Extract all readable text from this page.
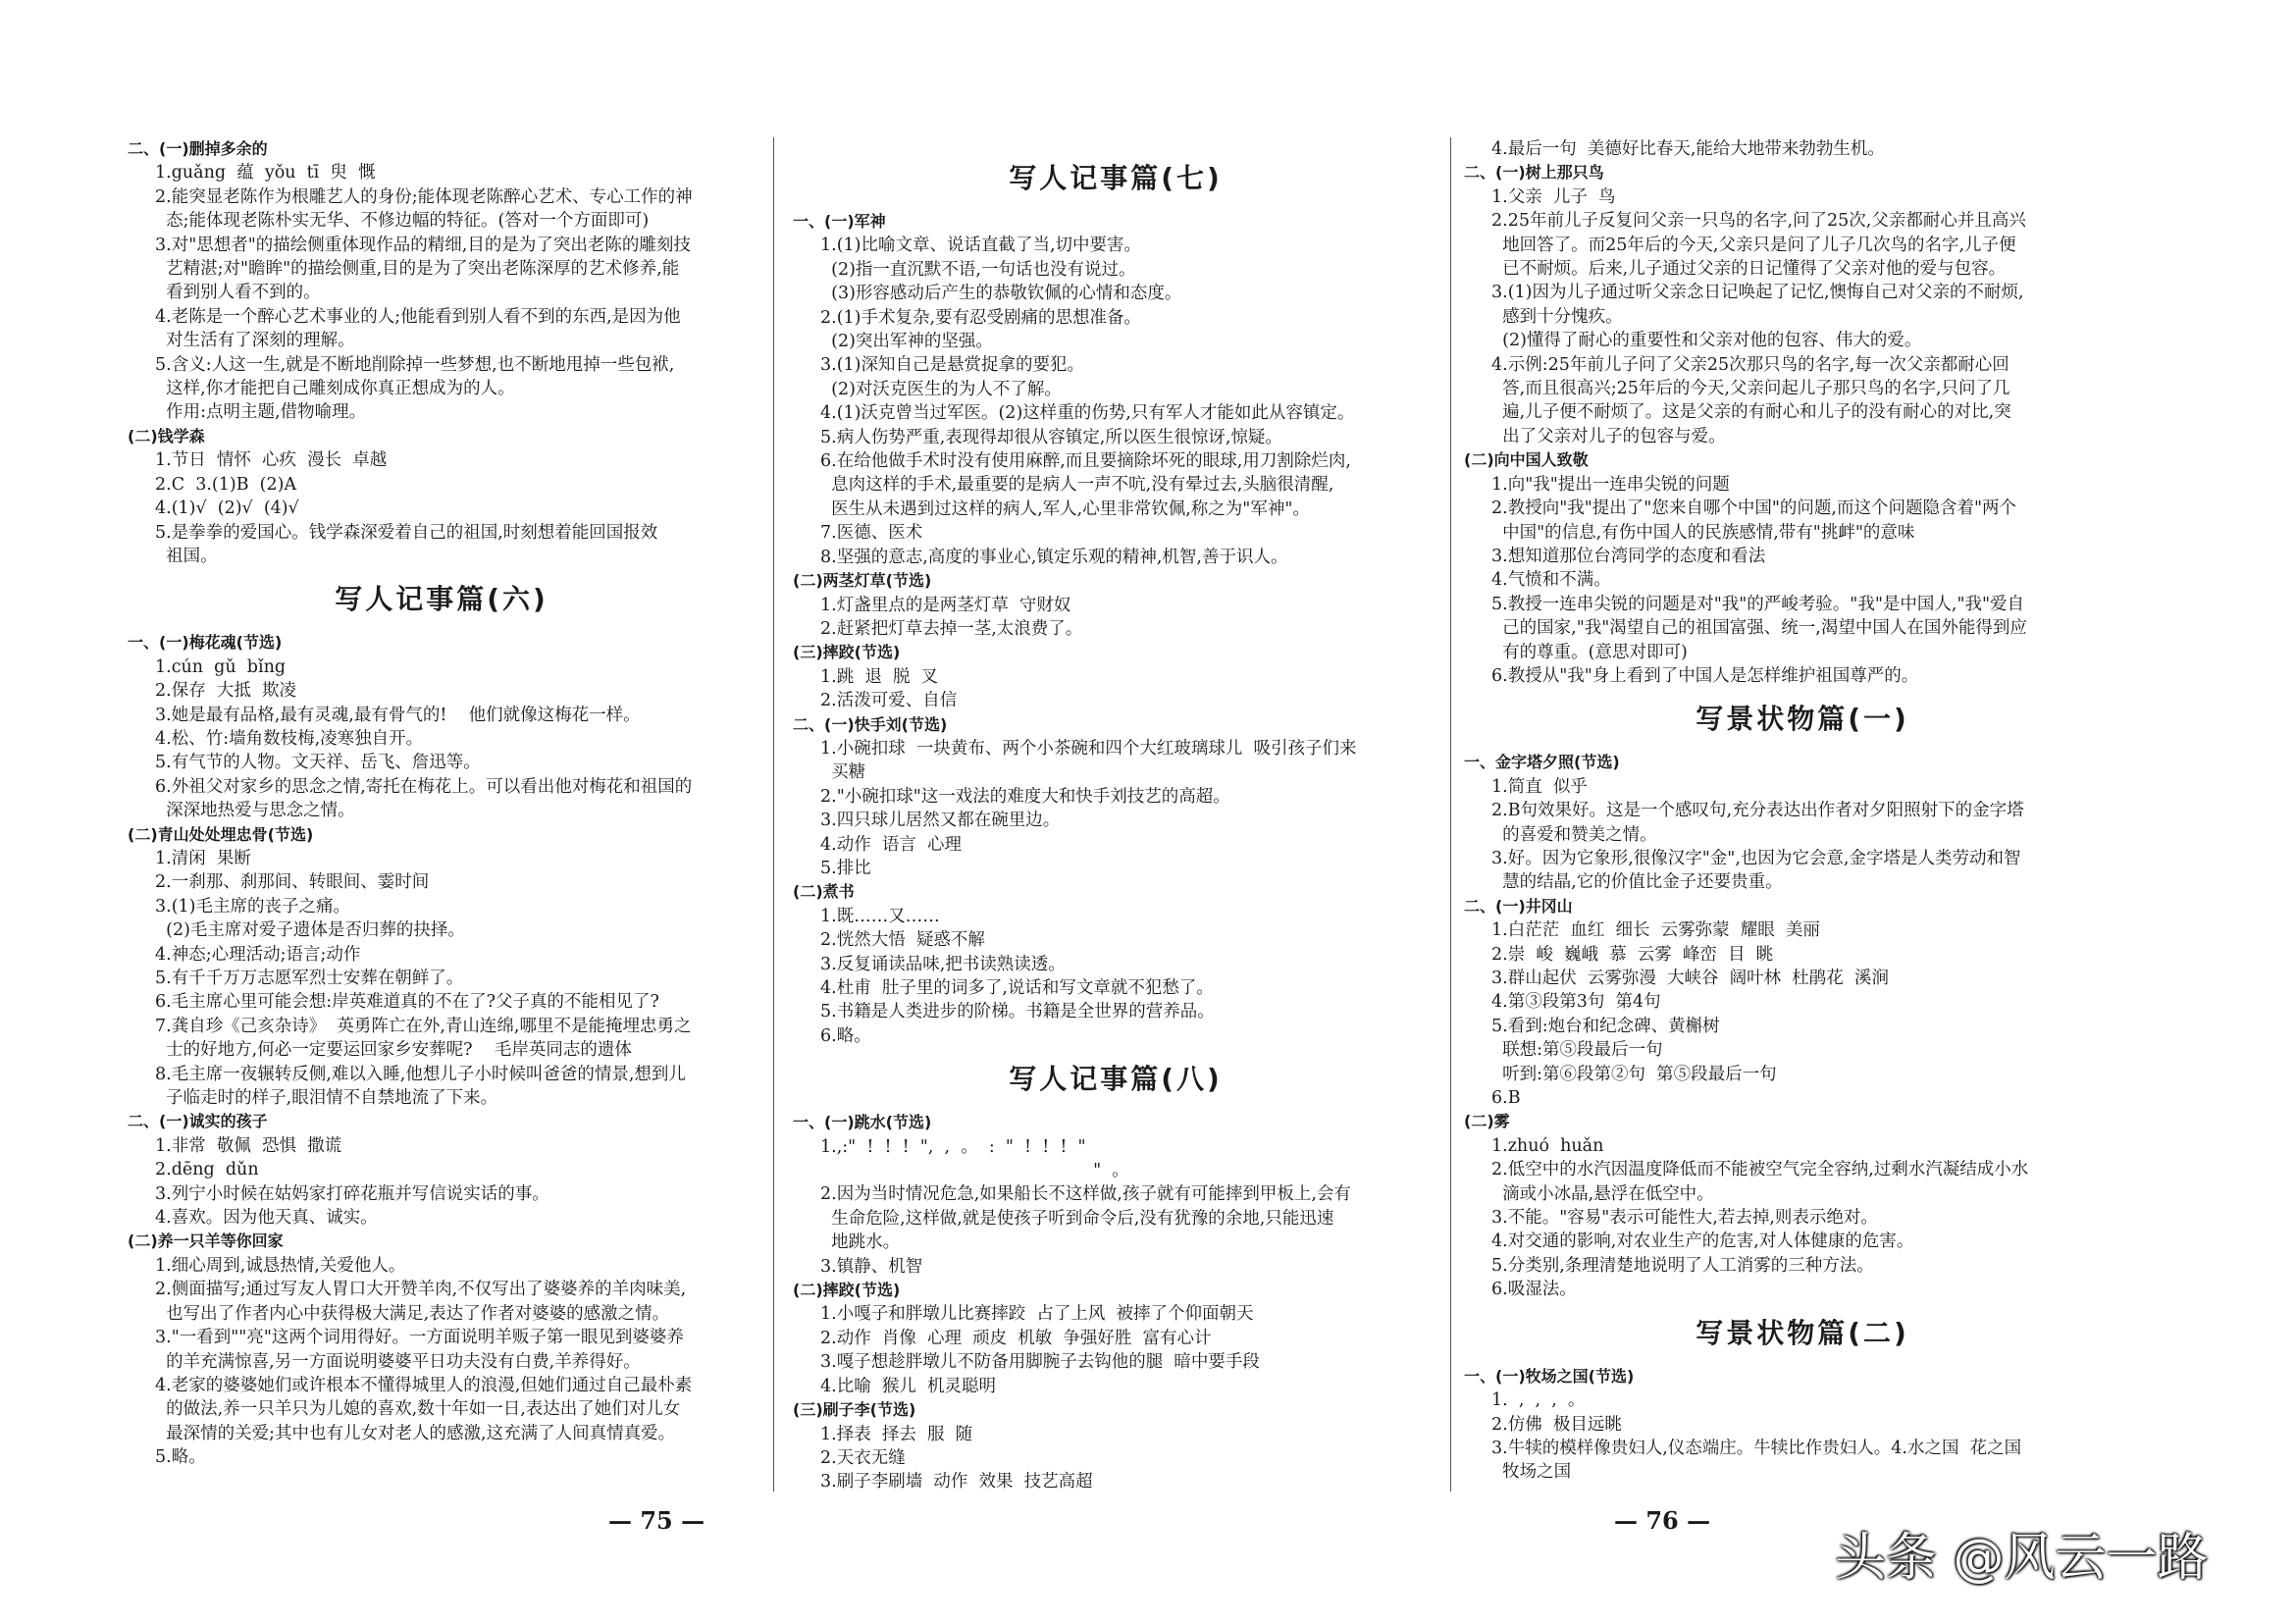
二、(一)删掉多余的
1.guǎng  蕴  yǒu  tī  臾  慨
2.能突显老陈作为根雕艺人的身份;能体现老陈醉心艺术、专心工作的神
态;能体现老陈朴实无华、不修边幅的特征。(答对一个方面即可)
3.对"思想者"的描绘侧重体现作品的精细,目的是为了突出老陈的雕刻技
艺精湛;对"瞻眸"的描绘侧重,目的是为了突出老陈深厚的艺术修养,能
看到别人看不到的。
4.老陈是一个醉心艺术事业的人;他能看到别人看不到的东西,是因为他
对生活有了深刻的理解。
5.含义:人这一生,就是不断地削除掉一些梦想,也不断地甩掉一些包袱,
这样,你才能把自己雕刻成你真正想成为的人。
作用:点明主题,借物喻理。
(二)钱学森
1.节日  情怀  心疚  漫长  卓越
2.C  3.(1)B  (2)A
4.(1)√  (2)√  (4)√
5.是拳拳的爱国心。钱学森深爱着自己的祖国,时刻想着能回国报效
祖国。
写人记事篇(六)
一、(一)梅花魂(节选)
1.cún  gǔ  bǐng
2.保存  大抵  欺凌
3.她是最有品格,最有灵魂,最有骨气的!    他们就像这梅花一样。
4.松、竹:墙角数枝梅,凌寒独自开。
5.有气节的人物。文天祥、岳飞、詹迅等。
6.外祖父对家乡的思念之情,寄托在梅花上。可以看出他对梅花和祖国的
深深地热爱与思念之情。
(二)青山处处埋忠骨(节选)
1.清闲  果断
2.一刹那、刹那间、转眼间、霎时间
3.(1)毛主席的丧子之痛。
(2)毛主席对爱子遗体是否归葬的抉择。
4.神态;心理活动;语言;动作
5.有千千万万志愿军烈士安葬在朝鲜了。
6.毛主席心里可能会想:岸英难道真的不在了?父子真的不能相见了?
7.龚自珍《己亥杂诗》  英勇阵亡在外,青山连绵,哪里不是能掩埋忠勇之
士的好地方,何必一定要运回家乡安葬呢?    毛岸英同志的遗体
8.毛主席一夜辗转反侧,难以入睡,他想儿子小时候叫爸爸的情景,想到儿
子临走时的样子,眼泪情不自禁地流了下来。
二、(一)诚实的孩子
1.非常  敬佩  恐惧  撒谎
2.dēng  dǔn
3.列宁小时候在姑妈家打碎花瓶并写信说实话的事。
4.喜欢。因为他天真、诚实。
(二)养一只羊等你回家
1.细心周到,诚恳热情,关爱他人。
2.侧面描写;通过写友人胃口大开赞羊肉,不仅写出了婆婆养的羊肉味美,
也写出了作者内心中获得极大满足,表达了作者对婆婆的感激之情。
3."一看到""亮"这两个词用得好。一方面说明羊贩子第一眼见到婆婆养
的羊充满惊喜,另一方面说明婆婆平日功夫没有白费,羊养得好。
4.老家的婆婆她们或许根本不懂得城里人的浪漫,但她们通过自己最朴素
的做法,养一只羊只为儿媳的喜欢,数十年如一日,表达出了她们对儿女
最深情的关爱;其中也有儿女对老人的感激,这充满了人间真情真爱。
5.略。
写人记事篇(七)
一、(一)军神
1.(1)比喻文章、说话直截了当,切中要害。
(2)指一直沉默不语,一句话也没有说过。
(3)形容感动后产生的恭敬钦佩的心情和态度。
2.(1)手术复杂,要有忍受剧痛的思想准备。
(2)突出军神的坚强。
3.(1)深知自己是悬赏捉拿的要犯。
(2)对沃克医生的为人不了解。
4.(1)沃克曾当过军医。(2)这样重的伤势,只有军人才能如此从容镇定。
5.病人伤势严重,表现得却很从容镇定,所以医生很惊讶,惊疑。
6.在给他做手术时没有使用麻醉,而且要摘除坏死的眼球,用刀割除烂肉,
息肉这样的手术,最重要的是病人一声不吭,没有晕过去,头脑很清醒,
医生从未遇到过这样的病人,军人,心里非常钦佩,称之为"军神"。
7.医德、医术
8.坚强的意志,高度的事业心,镇定乐观的精神,机智,善于识人。
(二)两茎灯草(节选)
1.灯盏里点的是两茎灯草  守财奴
2.赶紧把灯草去掉一茎,太浪费了。
(三)摔跤(节选)
1.跳  退  脱  叉
2.活泼可爱、自信
二、(一)快手刘(节选)
1.小碗扣球  一块黄布、两个小茶碗和四个大红玻璃球儿  吸引孩子们来
买糖
2."小碗扣球"这一戏法的难度大和快手刘技艺的高超。
3.四只球儿居然又都在碗里边。
4.动作  语言  心理
5.排比
(二)煮书
1.既……又……
2.恍然大悟  疑惑不解
3.反复诵读品味,把书读熟读透。
4.杜甫  肚子里的词多了,说话和写文章就不犯愁了。
5.书籍是人类进步的阶梯。书籍是全世界的营养品。
6.略。
写人记事篇(八)
一、(一)跳水(节选)
1.,:"  !  !  !  ",  ,  。  :  "  !  !  !  "
"  。
2.因为当时情况危急,如果船长不这样做,孩子就有可能摔到甲板上,会有
生命危险,这样做,就是使孩子听到命令后,没有犹豫的余地,只能迅速
地跳水。
3.镇静、机智
(二)摔跤(节选)
1.小嘎子和胖墩儿比赛摔跤  占了上风  被摔了个仰面朝天
2.动作  肖像  心理  顽皮  机敏  争强好胜  富有心计
3.嘎子想趁胖墩儿不防备用脚腕子去钩他的腿  暗中要手段
4.比喻  猴儿  机灵聪明
(三)刷子李(节选)
1.择表  择去  服  随
2.天衣无缝
3.刷子李刷墙  动作  效果  技艺高超
4.最后一句  美德好比春天,能给大地带来勃勃生机。
二、(一)树上那只鸟
1.父亲  儿子  鸟
2.25年前儿子反复问父亲一只鸟的名字,问了25次,父亲都耐心并且高兴
地回答了。而25年后的今天,父亲只是问了儿子几次鸟的名字,儿子便
已不耐烦。后来,儿子通过父亲的日记懂得了父亲对他的爱与包容。
3.(1)因为儿子通过听父亲念日记唤起了记忆,懊悔自己对父亲的不耐烦,
感到十分愧疚。
(2)懂得了耐心的重要性和父亲对他的包容、伟大的爱。
4.示例:25年前儿子问了父亲25次那只鸟的名字,每一次父亲都耐心回
答,而且很高兴;25年后的今天,父亲问起儿子那只鸟的名字,只问了几
遍,儿子便不耐烦了。这是父亲的有耐心和儿子的没有耐心的对比,突
出了父亲对儿子的包容与爱。
(二)向中国人致敬
1.向"我"提出一连串尖锐的问题
2.教授向"我"提出了"您来自哪个中国"的问题,而这个问题隐含着"两个
中国"的信息,有伤中国人的民族感情,带有"挑衅"的意味
3.想知道那位台湾同学的态度和看法
4.气愤和不满。
5.教授一连串尖锐的问题是对"我"的严峻考验。"我"是中国人,"我"爱自
己的国家,"我"渴望自己的祖国富强、统一,渴望中国人在国外能得到应
有的尊重。(意思对即可)
6.教授从"我"身上看到了中国人是怎样维护祖国尊严的。
写景状物篇(一)
一、金字塔夕照(节选)
1.简直  似乎
2.B句效果好。这是一个感叹句,充分表达出作者对夕阳照射下的金字塔
的喜爱和赞美之情。
3.好。因为它象形,很像汉字"金",也因为它会意,金字塔是人类劳动和智
慧的结晶,它的价值比金子还要贵重。
二、(一)井冈山
1.白茫茫  血红  细长  云雾弥蒙  耀眼  美丽
2.崇  峻  巍峨  慕  云雾  峰峦  目  眺
3.群山起伏  云雾弥漫  大峡谷  阔叶林  杜鹃花  溪涧
4.第③段第3句  第4句
5.看到:炮台和纪念碑、黄槲树
联想:第⑤段最后一句
听到:第⑥段第②句  第⑤段最后一句
6.B
(二)雾
1.zhuó  huǎn
2.低空中的水汽因温度降低而不能被空气完全容纳,过剩水汽凝结成小水
滴或小冰晶,悬浮在低空中。
3.不能。"容易"表示可能性大,若去掉,则表示绝对。
4.对交通的影响,对农业生产的危害,对人体健康的危害。
5.分类别,条理清楚地说明了人工消雾的三种方法。
6.吸湿法。
写景状物篇(二)
一、(一)牧场之国(节选)
1.  ,  ,  ,  。
2.仿佛  极目远眺
3.牛犊的模样像贵妇人,仪态端庄。牛犊比作贵妇人。4.水之国  花之国
牧场之国
— 75 —	— 76 —
头条 @风云一路
